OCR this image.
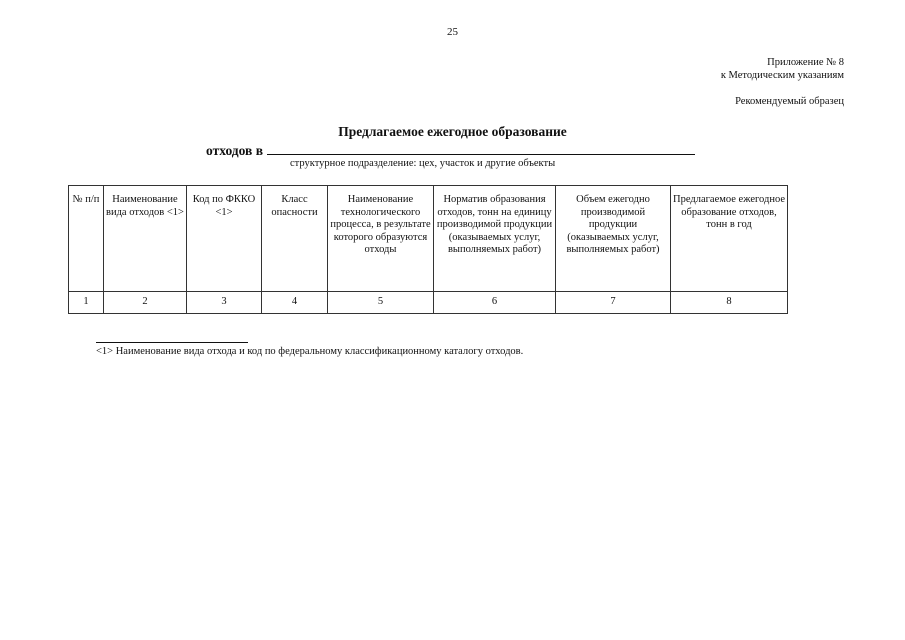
25
Приложение № 8
к Методическим указаниям
Рекомендуемый образец
Предлагаемое ежегодное образование
отходов в
структурное подразделение: цех, участок и другие объекты
№ п/п	Наименование вида отходов <1>	Код по ФККО <1>	Класс опасности	Наименование технологического процесса, в результате которого образуются отходы	Норматив образования отходов, тонн на единицу производимой продукции (оказываемых услуг, выполняемых работ)	Объем ежегодно производимой продукции (оказываемых услуг, выполняемых работ)	Предлагаемое ежегодное образование отходов, тонн в год
1	2	3	4	5	6	7	8
<1> Наименование вида отхода и код по федеральному классификационному каталогу отходов.
